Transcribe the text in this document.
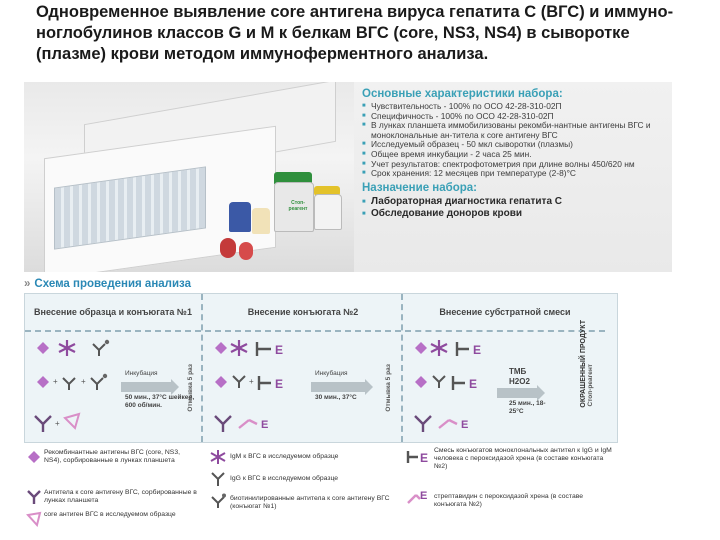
Одновременное выявление core антигена вируса гепатита С (ВГС) и иммуно-
ноглобулинов классов G и M к белкам ВГС (core, NS3, NS4) в сыворотке
(плазме) крови методом иммуноферментного анализа.
Стоп-реагент
Основные характеристики набора:
■ Чувствительность - 100% по ОСО 42-28-310-02П
■ Специфичность - 100% по ОСО 42-28-310-02П
■ В лунках планшета иммобилизованы рекомби-нантные антигены ВГС и моноклональные ан-титела к core антигену ВГС
■ Исследуемый образец - 50 мкл сыворотки (плазмы)
■ Общее время инкубации - 2 часа 25 мин.
■ Учет результатов: спектрофотометрия при длине волны 450/620 нм
■ Срок хранения: 12 месяцев при температуре (2-8)°С
Назначение набора:
■ Лабораторная диагностика гепатита С
■ Обследование доноров крови
» Схема проведения анализа
Внесение образца и конъюгата №1	Внесение конъюгата №2	Внесение субстратной смеси
+	+
+
Инкубация
50 мин., 37°С шейкер, 600 об/мин.	Отмывка 5 раз
E
+ E
E
Инкубация
30 мин., 37°С	Отмывка 5 раз
E
E
E
ТМБ
H2O2
25 мин., 18-25°С
Стоп-реагент
ОКРАШЕННЫЙ ПРОДУКТ
Рекомбинантные антигены ВГС (core, NS3, NS4), сорбированные в лунках планшета
Антитела к core антигену ВГС, сорбированные в лунках планшета
core антиген ВГС в исследуемом образце
IgM к ВГС в исследуемом образце
IgG к ВГС в исследуемом образце
биотинилированные антитела к core антигену ВГС (конъюгат №1)
E
Смесь конъюгатов моноклональных антител к IgG и IgM человека с пероксидазой хрена (в составе конъюгата №2)
E стрептавидин с пероксидазой хрена (в составе конъюгата №2)
